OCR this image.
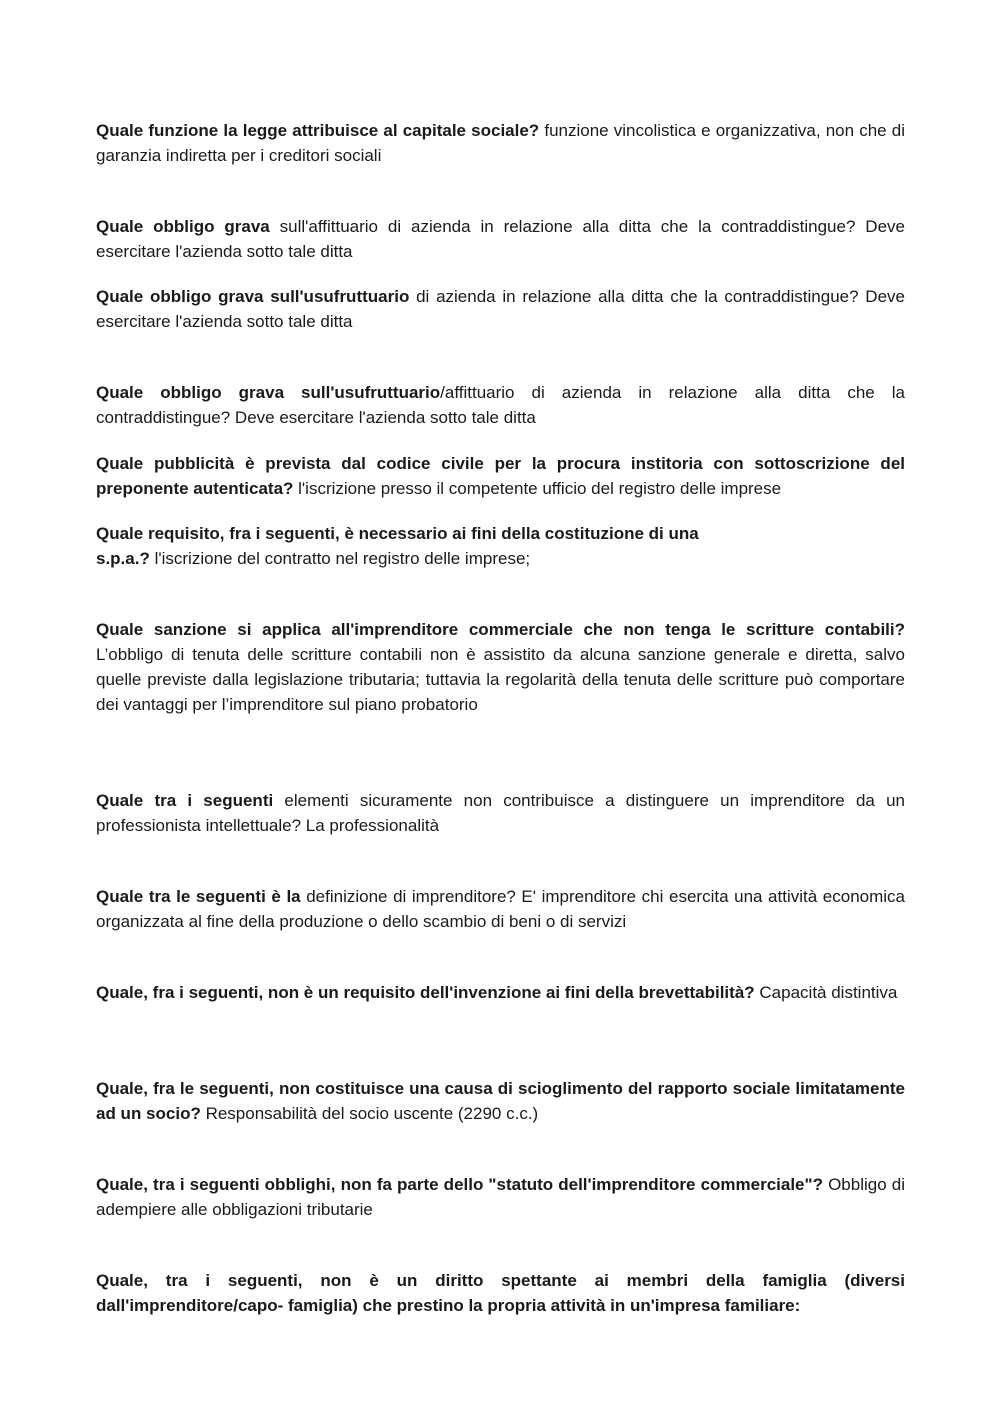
Quale funzione la legge attribuisce al capitale sociale? funzione vincolistica e organizzativa, non che di garanzia indiretta per i creditori sociali

Quale obbligo grava sull'affittuario di azienda in relazione alla ditta che la contraddistingue? Deve esercitare l'azienda sotto tale ditta

Quale obbligo grava sull'usufruttuario di azienda in relazione alla ditta che la contraddistingue? Deve esercitare l'azienda sotto tale ditta

Quale obbligo grava sull'usufruttuario/affittuario di azienda in relazione alla ditta che la contraddistingue? Deve esercitare l'azienda sotto tale ditta

Quale pubblicità è prevista dal codice civile per la procura institoria con sottoscrizione del preponente autenticata? l'iscrizione presso il competente ufficio del registro delle imprese

Quale requisito, fra i seguenti, è necessario ai fini della costituzione di unas.p.a.? l'iscrizione del contratto nel registro delle imprese;

Quale sanzione si applica all'imprenditore commerciale che non tenga le scritture contabili? L’obbligo di tenuta delle scritture contabili non è assistito da alcuna sanzione generale e diretta, salvo quelle previste dalla legislazione tributaria; tuttavia la regolarità della tenuta delle scritture può comportare dei vantaggi per l’imprenditore sul piano probatorio

Quale tra i seguenti elementi sicuramente non contribuisce a distinguere un imprenditore da un professionista intellettuale? La professionalità

Quale tra le seguenti è la definizione di imprenditore? E' imprenditore chi esercita una attività economica organizzata al fine della produzione o dello scambio di beni o di servizi

Quale, fra i seguenti, non è un requisito dell'invenzione ai fini della brevettabilità? Capacità distintiva

Quale, fra le seguenti, non costituisce una causa di scioglimento del rapporto sociale limitatamente ad un socio? Responsabilità del socio uscente (2290 c.c.)

Quale, tra i seguenti obblighi, non fa parte dello "statuto dell'imprenditore commerciale"? Obbligo di adempiere alle obbligazioni tributarie

Quale, tra i seguenti, non è un diritto spettante ai membri della famiglia (diversi dall'imprenditore/capo- famiglia) che prestino la propria attività in un'impresa familiare:
